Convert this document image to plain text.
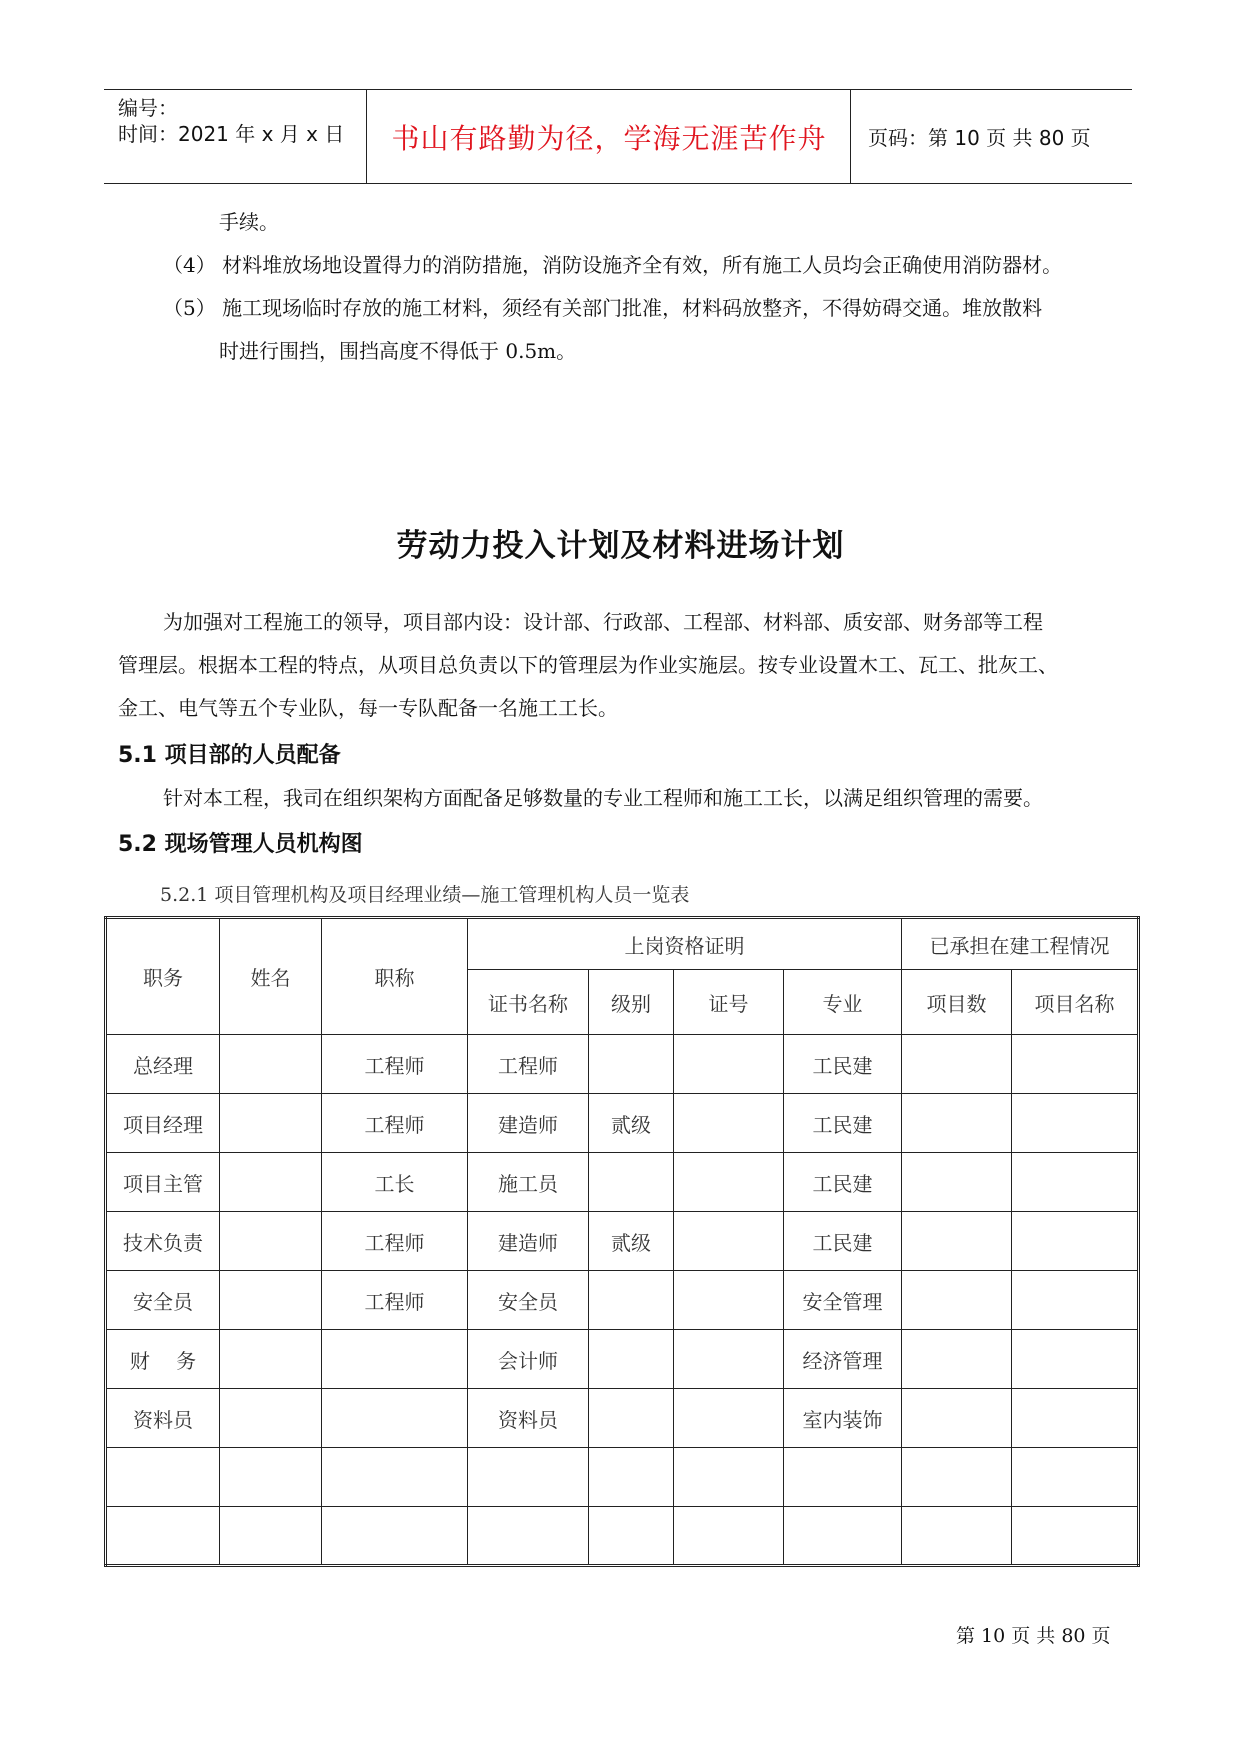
编号：
时间：2021 年 x 月 x 日 书山有路勤为径，学海无涯苦作舟 页码：第 10 页 共 80 页
手续。
（4） 材料堆放场地设置得力的消防措施，消防设施齐全有效，所有施工人员均会正确使用消防器材。
（5） 施工现场临时存放的施工材料，须经有关部门批准，材料码放整齐，不得妨碍交通。堆放散料
时进行围挡，围挡高度不得低于 0.5m。
劳动力投入计划及材料进场计划
为加强对工程施工的领导，项目部内设：设计部、行政部、工程部、材料部、质安部、财务部等工程
管理层。根据本工程的特点，从项目总负责以下的管理层为作业实施层。按专业设置木工、瓦工、批灰工、
金工、电气等五个专业队，每一专队配备一名施工工长。
5.1 项目部的人员配备
针对本工程，我司在组织架构方面配备足够数量的专业工程师和施工工长，以满足组织管理的需要。
5.2 现场管理人员机构图
5.2.1 项目管理机构及项目经理业绩—施工管理机构人员一览表
职务	姓名	职称	上岗资格证明				已承担在建工程情况	
			证书名称	级别	证号	专业	项目数	项目名称
总经理		工程师	工程师			工民建		
项目经理		工程师	建造师	贰级		工民建		
项目主管		工长	施工员			工民建		
技术负责		工程师	建造师	贰级		工民建		
安全员		工程师	安全员			安全管理		
财　 务			会计师			经济管理		
资料员			资料员			室内装饰		

第 10 页 共 80 页
